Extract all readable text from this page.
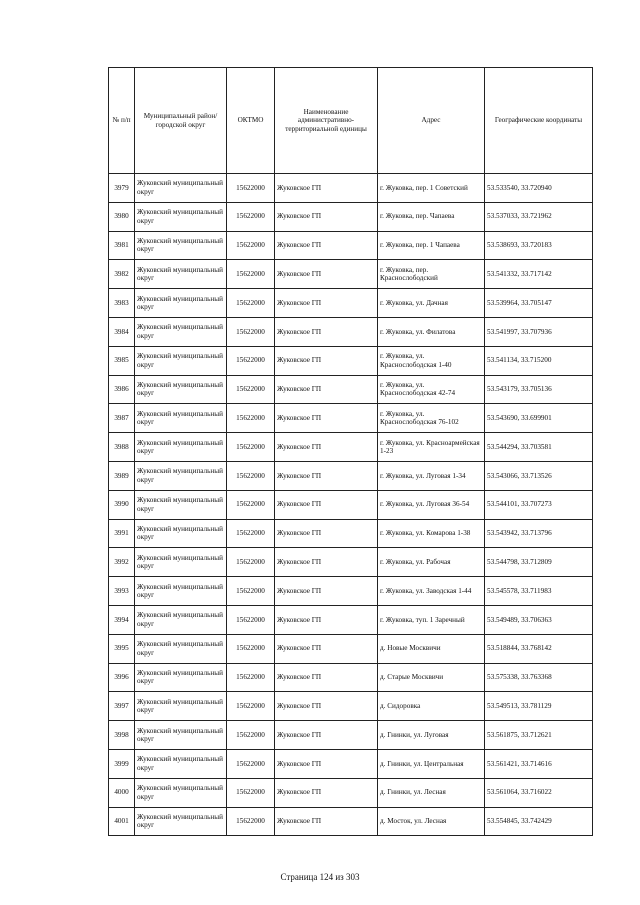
№ п/п	Муниципальный район/городской округ	ОКТМО	Наименование административно-территориальной единицы	Адрес	Географические координаты
3979	Жуковский муниципальный округ	15622000	Жуковское ГП	г. Жуковка, пер. 1 Советский	53.533540, 33.720940
3980	Жуковский муниципальный округ	15622000	Жуковское ГП	г. Жуковка, пер. Чапаева	53.537033, 33.721962
3981	Жуковский муниципальный округ	15622000	Жуковское ГП	г. Жуковка, пер. 1 Чапаева	53.538693, 33.720183
3982	Жуковский муниципальный округ	15622000	Жуковское ГП	г. Жуковка, пер. Краснослободский	53.541332, 33.717142
3983	Жуковский муниципальный округ	15622000	Жуковское ГП	г. Жуковка, ул. Дачная	53.539964, 33.705147
3984	Жуковский муниципальный округ	15622000	Жуковское ГП	г. Жуковка, ул. Филатова	53.541997, 33.707936
3985	Жуковский муниципальный округ	15622000	Жуковское ГП	г. Жуковка, ул. Краснослободская 1-40	53.541134, 33.715200
3986	Жуковский муниципальный округ	15622000	Жуковское ГП	г. Жуковка, ул. Краснослободская 42-74	53.543179, 33.705136
3987	Жуковский муниципальный округ	15622000	Жуковское ГП	г. Жуковка, ул. Краснослободская 76-102	53.543690, 33.699901
3988	Жуковский муниципальный округ	15622000	Жуковское ГП	г. Жуковка, ул. Красноармейская 1-23	53.544294, 33.703581
3989	Жуковский муниципальный округ	15622000	Жуковское ГП	г. Жуковка, ул. Луговая 1-34	53.543066, 33.713526
3990	Жуковский муниципальный округ	15622000	Жуковское ГП	г. Жуковка, ул. Луговая 36-54	53.544101, 33.707273
3991	Жуковский муниципальный округ	15622000	Жуковское ГП	г. Жуковка, ул. Комарова 1-38	53.543942, 33.713796
3992	Жуковский муниципальный округ	15622000	Жуковское ГП	г. Жуковка, ул. Рабочая	53.544798, 33.712809
3993	Жуковский муниципальный округ	15622000	Жуковское ГП	г. Жуковка, ул. Заводская 1-44	53.545578, 33.711983
3994	Жуковский муниципальный округ	15622000	Жуковское ГП	г. Жуковка, туп. 1 Заречный	53.549489, 33.706363
3995	Жуковский муниципальный округ	15622000	Жуковское ГП	д. Новые Москвичи	53.518844, 33.768142
3996	Жуковский муниципальный округ	15622000	Жуковское ГП	д. Старые Москвичи	53.575338, 33.763368
3997	Жуковский муниципальный округ	15622000	Жуковское ГП	д. Сидоровка	53.549513, 33.781129
3998	Жуковский муниципальный округ	15622000	Жуковское ГП	д. Гнинки, ул. Луговая	53.561875, 33.712621
3999	Жуковский муниципальный округ	15622000	Жуковское ГП	д. Гнинки, ул. Центральная	53.561421, 33.714616
4000	Жуковский муниципальный округ	15622000	Жуковское ГП	д. Гнинки, ул. Лесная	53.561064, 33.716022
4001	Жуковский муниципальный округ	15622000	Жуковское ГП	д. Мосток, ул. Лесная	53.554845, 33.742429
Страница 124 из 303
